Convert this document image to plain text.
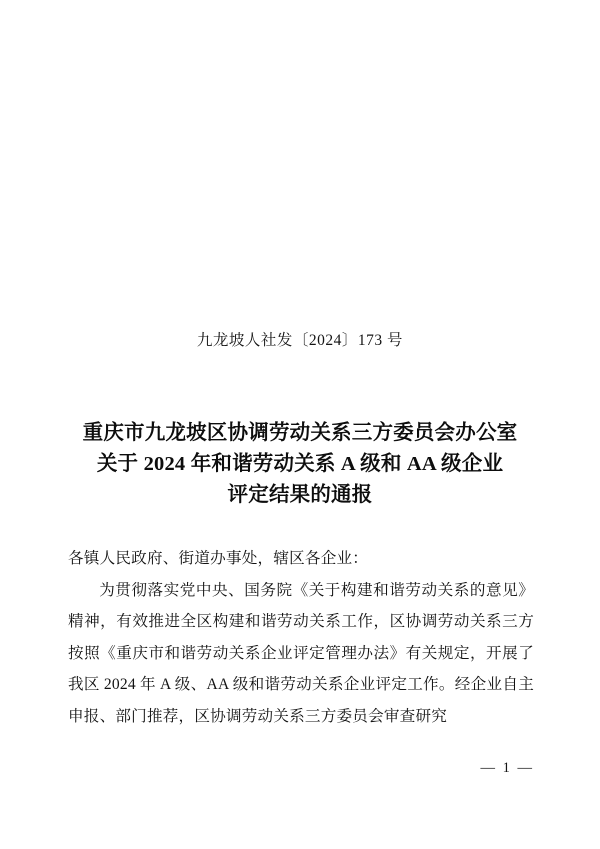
九龙坡人社发〔2024〕173 号
重庆市九龙坡区协调劳动关系三方委员会办公室
关于 2024 年和谐劳动关系 A 级和 AA 级企业
评定结果的通报
各镇人民政府、街道办事处，辖区各企业：
为贯彻落实党中央、国务院《关于构建和谐劳动关系的意见》精神，有效推进全区构建和谐劳动关系工作，区协调劳动关系三方按照《重庆市和谐劳动关系企业评定管理办法》有关规定，开展了我区 2024 年 A 级、AA 级和谐劳动关系企业评定工作。经企业自主申报、部门推荐，区协调劳动关系三方委员会审查研究
— 1 —
